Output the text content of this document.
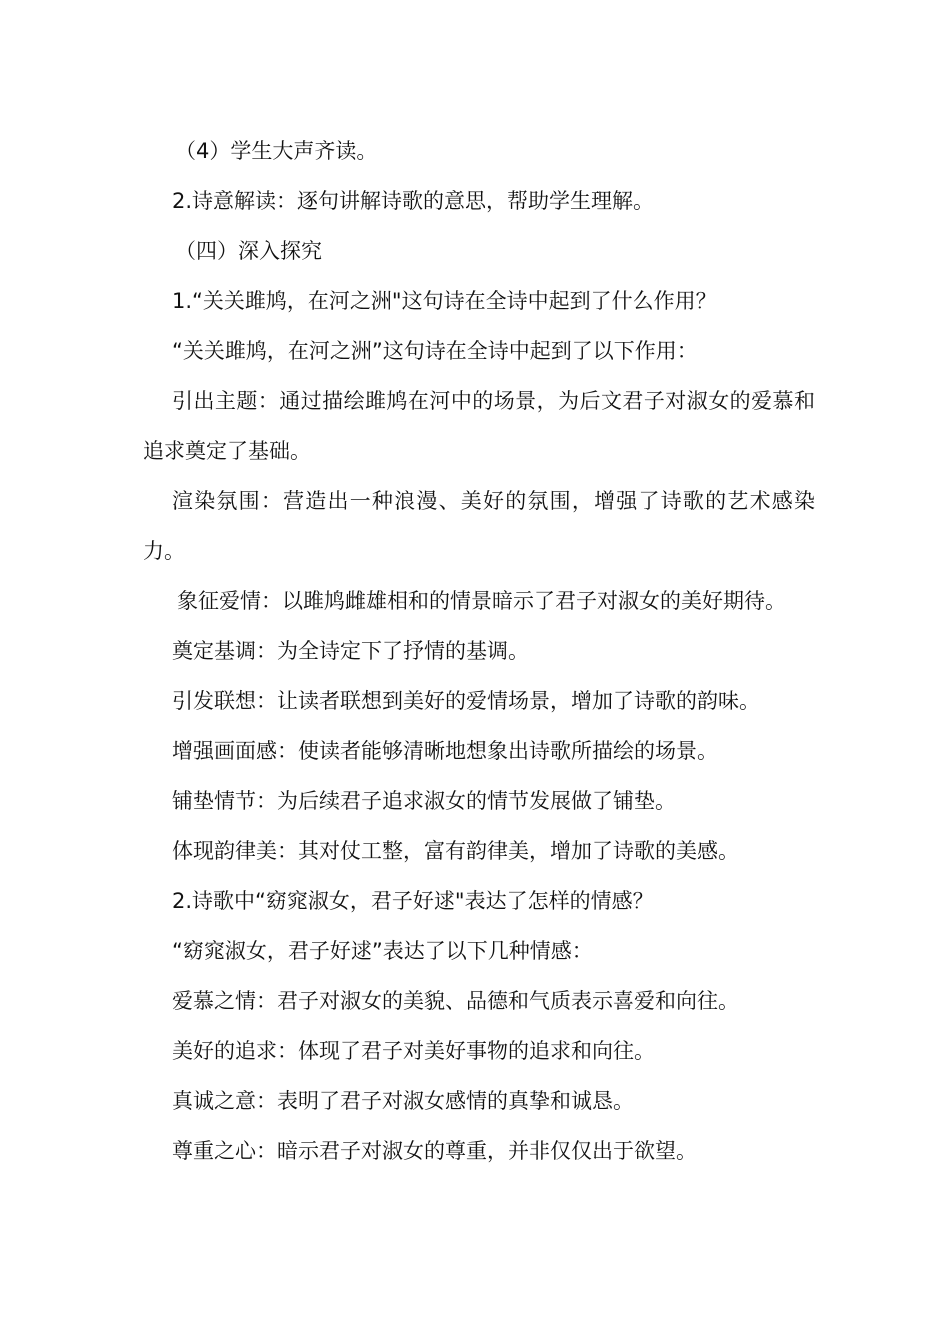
（4）学生大声齐读。

2.诗意解读：逐句讲解诗歌的意思，帮助学生理解。

（四）深入探究

1.“关关雎鸠，在河之洲"这句诗在全诗中起到了什么作用？

“关关雎鸠，在河之洲”这句诗在全诗中起到了以下作用：

引出主题：通过描绘雎鸠在河中的场景，为后文君子对淑女的爱慕和追求奠定了基础。

渲染氛围：营造出一种浪漫、美好的氛围，增强了诗歌的艺术感染力。

象征爱情：以雎鸠雌雄相和的情景暗示了君子对淑女的美好期待。

奠定基调：为全诗定下了抒情的基调。

引发联想：让读者联想到美好的爱情场景，增加了诗歌的韵味。

增强画面感：使读者能够清晰地想象出诗歌所描绘的场景。

铺垫情节：为后续君子追求淑女的情节发展做了铺垫。

体现韵律美：其对仗工整，富有韵律美，增加了诗歌的美感。

2.诗歌中“窈窕淑女，君子好逑"表达了怎样的情感？

“窈窕淑女，君子好逑”表达了以下几种情感：

爱慕之情：君子对淑女的美貌、品德和气质表示喜爱和向往。

美好的追求：体现了君子对美好事物的追求和向往。

真诚之意：表明了君子对淑女感情的真挚和诚恳。

尊重之心：暗示君子对淑女的尊重，并非仅仅出于欲望。
